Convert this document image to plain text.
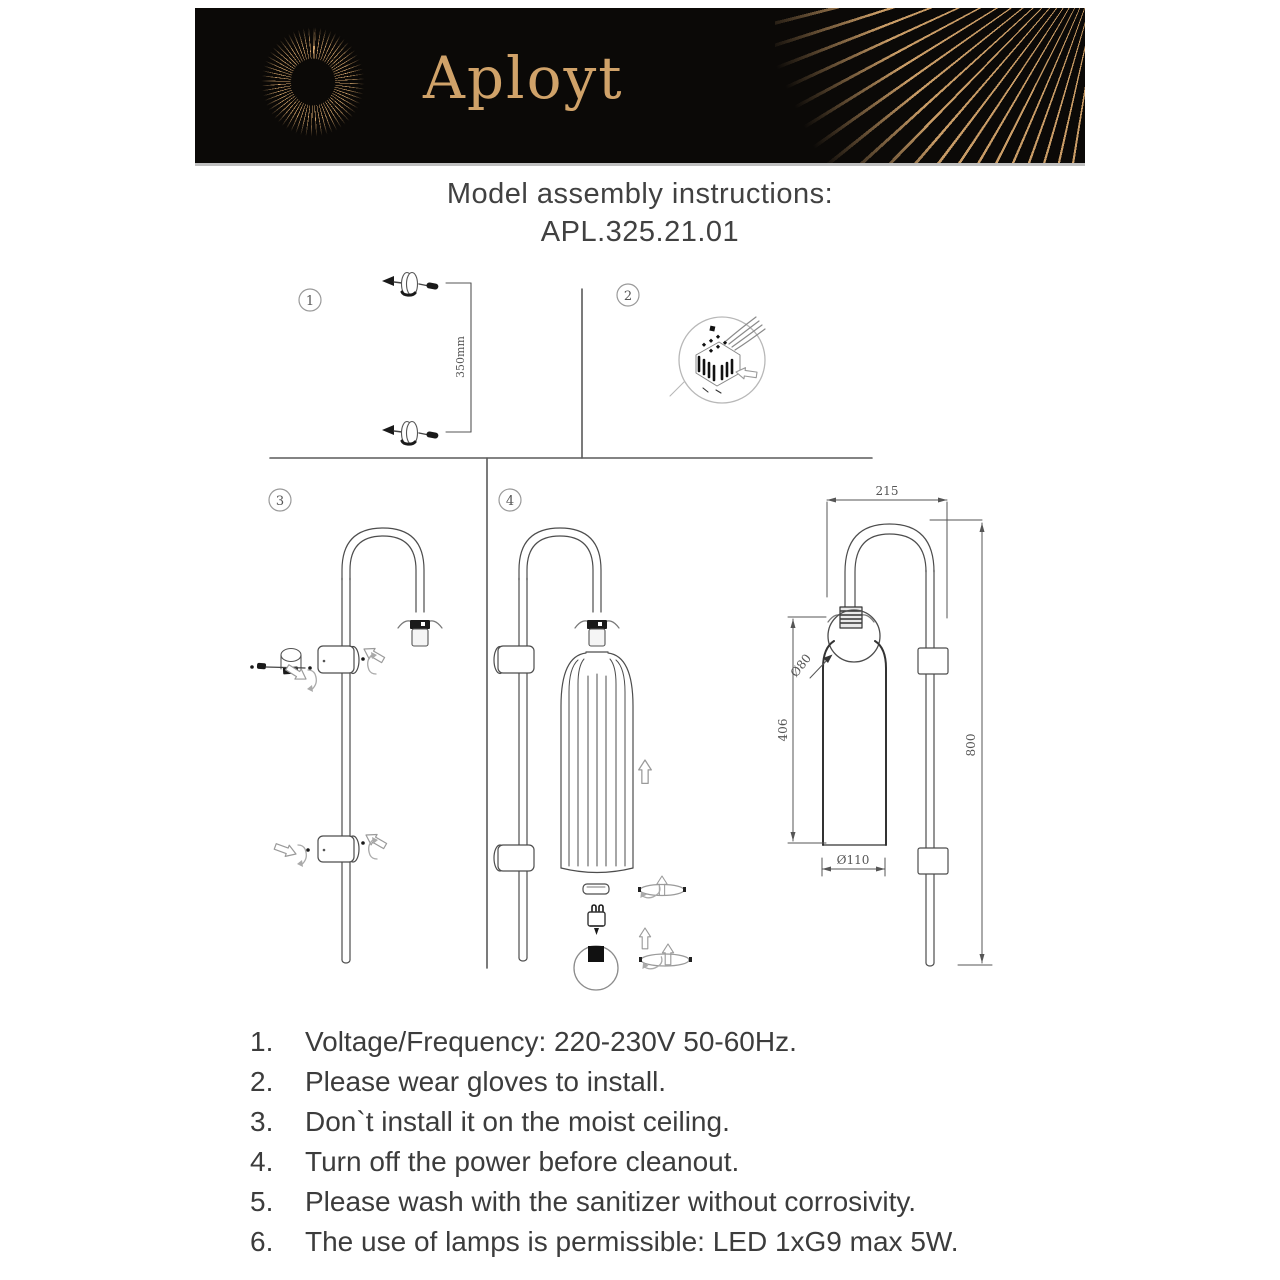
Aployt
Model assembly instructions:
APL.325.21.01
1
350mm
2
3	4
215
800
406
Ø80
Ø110
1.	Voltage/Frequency: 220-230V 50-60Hz.
2.	Please wear gloves to install.
3.	Don`t install it on the moist ceiling.
4.	Turn off the power before cleanout.
5.	Please wash with the sanitizer without corrosivity.
6.	The use of lamps is permissible: LED 1xG9 max 5W.
